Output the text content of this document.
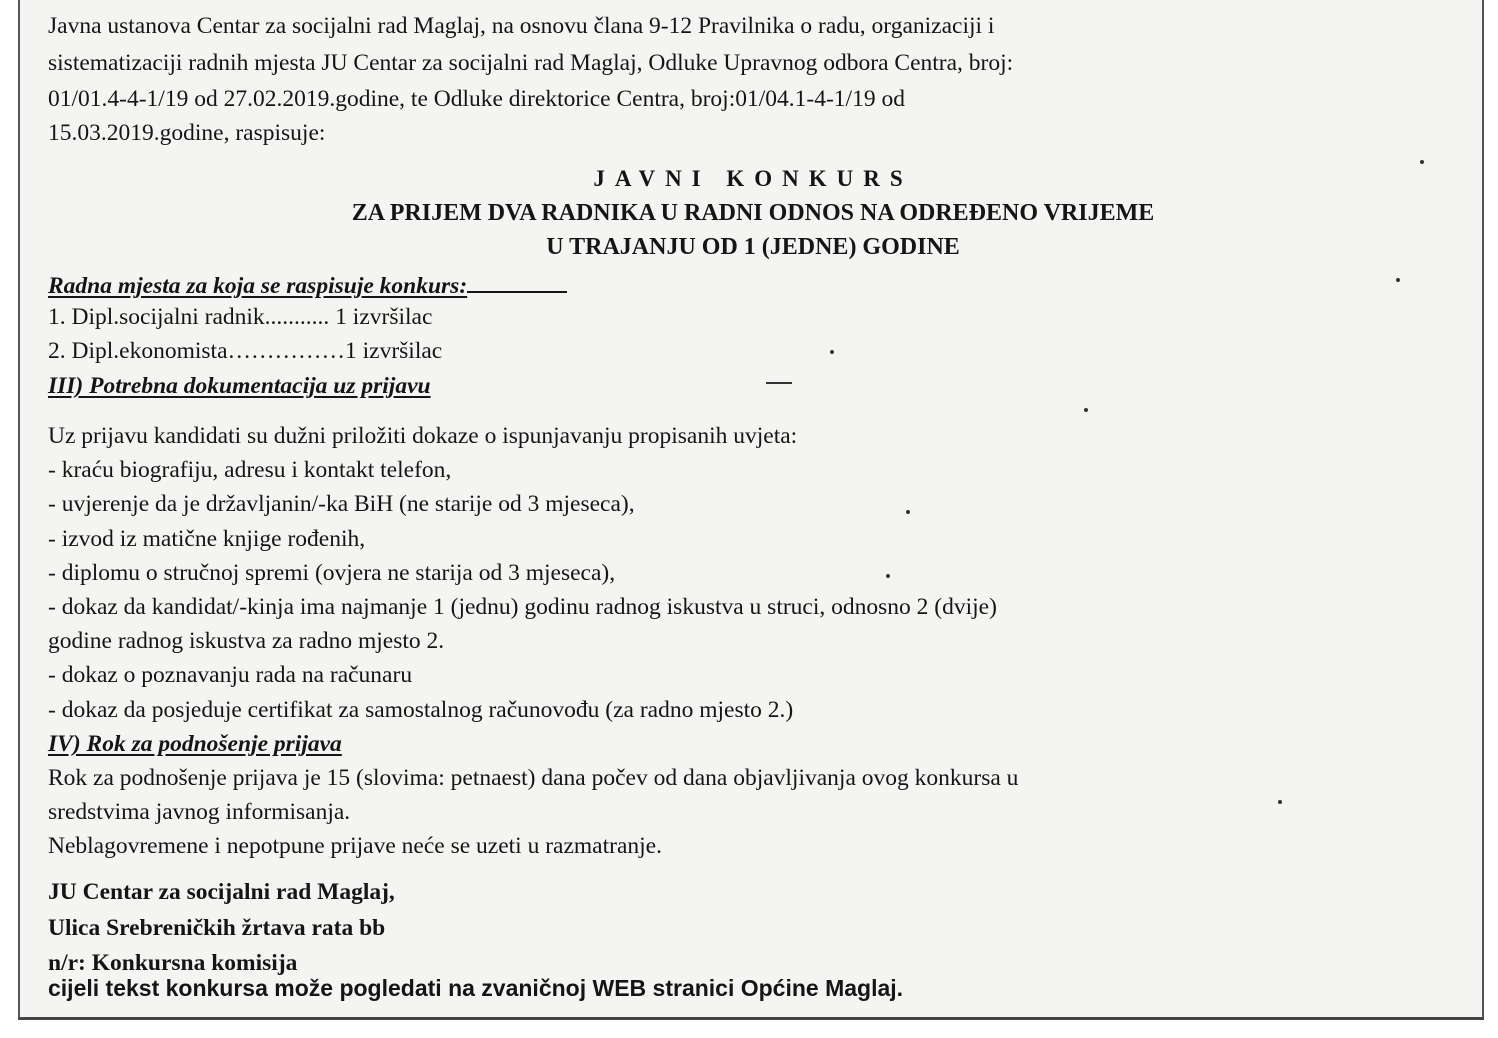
Javna ustanova Centar za socijalni rad Maglaj, na osnovu člana 9-12 Pravilnika o radu, organizaciji i
sistematizaciji radnih mjesta JU Centar za socijalni rad Maglaj, Odluke Upravnog odbora Centra, broj:
01/01.4-4-1/19 od 27.02.2019.godine, te Odluke direktorice Centra, broj:01/04.1-4-1/19 od
15.03.2019.godine, raspisuje:
JAVNI KONKURS
ZA PRIJEM DVA RADNIKA U RADNI ODNOS NA ODREĐENO VRIJEME
U TRAJANJU OD 1 (JEDNE) GODINE
Radna mjesta za koja se raspisuje konkurs:
1. Dipl.socijalni radnik........... 1 izvršilac
2. Dipl.ekonomista……………1 izvršilac
III) Potrebna dokumentacija uz prijavu
Uz prijavu kandidati su dužni priložiti dokaze o ispunjavanju propisanih uvjeta:
- kraću biografiju, adresu i kontakt telefon,
- uvjerenje da je državljanin/-ka BiH (ne starije od 3 mjeseca),
- izvod iz matične knjige rođenih,
- diplomu o stručnoj spremi (ovjera ne starija od 3 mjeseca),
- dokaz da kandidat/-kinja ima najmanje 1 (jednu) godinu radnog iskustva u struci, odnosno 2 (dvije)
godine radnog iskustva za radno mjesto 2.
- dokaz o poznavanju rada na računaru
- dokaz da posjeduje certifikat za samostalnog računovođu (za radno mjesto 2.)
IV) Rok za podnošenje prijava
Rok za podnošenje prijava je 15 (slovima: petnaest) dana počev od dana objavljivanja ovog konkursa u
sredstvima javnog informisanja.
Neblagovremene i nepotpune prijave neće se uzeti u razmatranje.
JU Centar za socijalni rad Maglaj,
Ulica Srebreničkih žrtava rata bb
n/r: Konkursna komisija
cijeli tekst konkursa može pogledati na zvaničnoj WEB stranici Općine Maglaj.
